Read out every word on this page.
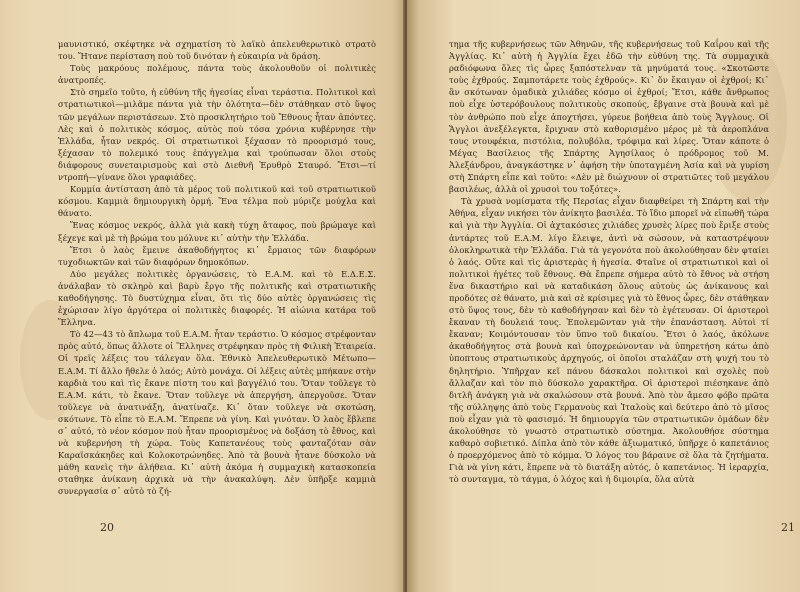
μαυνιστικό, σκέφτηκε νὰ σχηματίση τὸ λαϊκὸ ἀπελευθερωτικὸ στρατὸ του. Ἤτανε περίσταση ποὺ τοῦ δινόταν ἡ εὐκαιρία νὰ δράση.

Τοὺς μακρόους πολέμους, πάντα τοὺς ἀκολουθοῦν οἱ πολιτικὲς ἀνατροπές.

Στὸ σημεῖο τοῦτο, ἡ εὐθύνη τῆς ἡγεσίας εἶναι τεράστια. Πολιτικοὶ καὶ στρατιωτικοὶ—μιλᾶμε πάντα γιὰ τὴν ὁλότητα—δὲν στάθηκαν στὸ ὕψος τῶν μεγάλων περιστάσεων. Στὸ προσκλητήριο τοῦ Ἔθνους ἦταν ἀπόντες. Λὲς καὶ ὁ πολιτικὸς κόσμος, αὐτὸς ποὺ τόσα χρόνια κυβέρνησε τὴν Ἑλλάδα, ἦταν νεκρός. Οἱ στρατιωτικοὶ ξέχασαν τὸ προορισμό τους, ξέχασαν τὸ πολεμικό τους ἐπάγγελμα καὶ τρούπωσαν ὅλοι στοὺς διάφορους συνεταιρισμοὺς καὶ στὸ Διεθνῆ Ἐρυθρὸ Σταυρό. Ἔτσι—τί ντροπή—γίνανε ὅλοι γραφιάδες.

Κομμία ἀντίσταση ἀπὸ τὰ μέρος τοῦ πολιτικοῦ καὶ τοῦ στρατιωτικοῦ κόσμου. Καμμιὰ δημιουργικὴ ὁρμή. Ἕνα τέλμα ποὺ μύριζε μούχλα καὶ θάνατο.

Ἕνας κόσμος νεκρός, ἀλλὰ γιὰ κακὴ τύχη ἄταφος, ποὺ βρώμαγε καὶ ξέχεγε καὶ μὲ τὴ βρώμα του μόλυνε κι᾽ αὐτὴν τὴν Ἑλλάδα.

Ἔτσι ὁ λαὸς ἔμεινε ἀκαθοδήγητος κι᾽ ἔρμαιος τῶν διαφόρων τυχοδιωκτῶν καὶ τῶν διαφόρων δημοκόπων.

Δύο μεγάλες πολιτικὲς ὀργανώσεις, τὸ Ε.Α.Μ. καὶ τὸ Ε.Δ.Ε.Σ. ἀνάλαβαν τὸ σκληρὸ καὶ βαρὺ ἔργο τῆς πολιτικῆς καὶ στρατιωτικῆς καθοδήγησης. Τὸ δυστύχημα εἶναι, ὅτι τὶς δύο αὐτὲς ὀργανώσεις τὶς ἐχώρισαν λίγο ἀργότερα οἱ πολιτικὲς διαφορές. Ἡ αἰώνια κατάρα τοῦ Ἕλληνα.

Τὸ 42—43 τὸ ἄπλωμα τοῦ Ε.Α.Μ. ἦταν τεράστιο. Ὁ κόσμος στρέφονταν πρὸς αὐτό, ὅπως ἄλλοτε οἱ Ἕλληνες στρέφηκαν πρὸς τὴ Φιλικὴ Ἑταιρεία. Οἱ τρεῖς λέξεις του τάλεγαν ὅλα. Ἐθνικὸ Ἀπελευθερωτικὸ Μέτωπο—Ε.Α.Μ. Τί ἄλλο ἤθελε ὁ λαός; Αὐτὸ μονάχα. Οἱ λέξεις αὐτὲς μπήκανε στὴν καρδιὰ του καὶ τὶς ἔκανε πίστη του καὶ βαγγέλιό του. Ὅταν τοῦλεγε τὸ Ε.Α.Μ. κάτι, τὸ ἔκανε. Ὅταν τοῦλεγε νὰ ἀπεργήση, ἀπεργοῦσε. Ὅταν τοῦλεγε νὰ ἀνατινάξη, ἀνατίναζε. Κι᾽ ὅταν τοῦλεγε νὰ σκοτώση, σκότωνε. Τὸ εἶπε τὸ Ε.Α.Μ. Ἔπρεπε νὰ γίνη. Καὶ γινόταν. Ὁ λαὸς ἔβλεπε σ᾽ αὐτό, τὸ νέον κόσμον ποὺ ἦταν προορισμένος νὰ δοξάση τὸ ἔθνος, καὶ νὰ κυβερνήση τὴ χώρα. Τοὺς Καπετανέους τοὺς φανταζόταν σὰν Καραϊσκάκηδες καὶ Κολοκοτρώνηδες. Ἀπὸ τὰ βουνὰ ἦτανε δύσκολο νὰ μάθη κανεὶς τὴν ἀλήθεια. Κι᾽ αὐτὴ ἀκόμα ἡ συμμαχικὴ κατασκοπεία σταθηκε ἀνίκανη ἀρχικὰ νὰ τὴν ἀνακαλύψη. Δὲν ὑπῆρξε καμμιὰ συνεργασία σ᾽ αὐτὸ τὸ ζή-

20

τημα τῆς κυβερνήσεως τῶν Ἀθηνῶν, τῆς κυβερνήσεως τοῦ Καΐρου καὶ τῆς Ἀγγλίας. Κι᾽ αὐτὴ ἡ Ἀγγλία ἔχει ἐδῶ τὴν εὐθύνη της. Τὰ συμμαχικὰ ραδιόφωνα ὅλες τὶς ὧρες ξαπόστελναν τὰ μηνύματά τους. «Σκοτῶστε τοὺς ἐχθρούς. Σαμποτάρετε τοὺς ἐχθρούς». Κι᾽ ὅν ἔκαιγαν οἱ ἐχθροί; Κι᾽ ἂν σκότωναν ὁμαδικὰ χιλιάδες κόσμο οἱ ἐχθροί; Ἔτσι, κάθε ἄνθρωπος ποὺ εἶχε ὑστερόβουλους πολιτικοὺς σκοπούς, ἔβγαινε στὰ βουνὰ καὶ μὲ τὸν ἀνθρώπο ποὺ εἶχε ἀποχτήσει, γύρευε βοήθεια ἀπὸ τοὺς Ἄγγλους. Οἱ Ἄγγλοι ἀνεξέλεγκτα, ἔριχναν στὸ καθορισμένο μέρος μὲ τὰ ἀεροπλάνα τους ντουφέκια, πιστόλια, πολυβόλα, τρόφιμα καὶ λίρες. Ὅταν κάποτε ὁ Μέγας Βασίλειος τῆς Σπάρτης Ἀγησίλαος ὁ πρόδρομος τοῦ Μ. Ἀλεξάνδρου, ἀναγκάστηκε ν᾽ ἀφήση τὴν ὑποταγμένη Ἀσία καὶ νὰ γυρίση στὴ Σπάρτη εἶπε καὶ τοῦτο: «Δὲν μὲ διώχνουν οἱ στρατιῶτες τοῦ μεγάλου βασιλέως, ἀλλὰ οἱ χρυσοὶ του τοξότες».

Τὰ χρυσὰ νομίσματα τῆς Περσίας εἶχαν διαφθείρει τὴ Σπάρτη καὶ τὴν Ἀθήνα, εἶχαν νικήσει τὸν ἀνίκητο βασιλέα. Τὸ ἴδιο μπορεῖ νὰ εἰπωθῆ τώρα καὶ γιὰ τὴν Ἀγγλία. Οἱ ἀχτακόσιες χιλιάδες χρυσὲς λίρες ποὺ ἔριξε στοὺς ἀντάρτες τοῦ Ε.Α.Μ. λίγο ἔλειψε, ἀντὶ νὰ σώσουν, νὰ καταστρέψουν ὁλοκληρωτικὰ τὴν Ἑλλάδα. Γιὰ τὰ γεγονότα ποὺ ἀκολούθησαν δὲν φταίει ὁ λαός. Οὔτε καὶ τὶς ἀριστερὰς ἡ ἡγεσία. Φταῖνε οἱ στρατιωτικοὶ καὶ οἱ πολιτικοὶ ἡγέτες τοῦ ἔθνους. Θὰ ἔπρεπε σήμερα αὐτὸ τὸ ἔθνος νὰ στήση ἕνα δικαστήριο καὶ νὰ καταδικάση ὅλους αὐτοὺς ὡς ἀνίκανους καὶ προδότες σὲ θάνατο, μιὰ καὶ σὲ κρίσιμες γιὰ τὸ ἔθνος ὧρες, δὲν στάθηκαν στὸ ὕψος τους, δὲν τὸ καθοδήγησαν καὶ δὲν τὸ ἐγέτευσαν. Οἱ ἀριστεροὶ ἔκαναν τὴ δουλειά τους. Ἐπολεμῶνταν γιὰ τὴν ἐπανάσταση. Αὐτοὶ τί ἔκαναν; Κοιμόντουσαν τὸν ὕπνο τοῦ δικαίου. Ἔτσι ὁ λαός, ἀκόλωνε ἀκαθοδήγητος στὰ βουνὰ καὶ ὑποχρεώνονταν νὰ ὑπηρετήση κάτω ἀπὸ ὑποπτους στρατιωτικοὺς ἀρχηγούς, οἱ ὁποῖοι σταλάζαν στὴ ψυχή του τὸ δηλητήριο. Ὑπῆρχαν κεῖ πάνου δάσκαλοι πολιτικοὶ καὶ σχολὲς ποὺ ἄλλαζαν καὶ τὸν πιὸ δύσκολο χαρακτῆρα. Οἱ ἀριστεροὶ πιέσηκανε ἀπὸ διτλῆ ἀνάγκη γιὰ νὰ σκαλώσουν στὰ βουνά. Ἀπὸ τὸν ἄμεσο φόβο πρῶτα τῆς σύλληψης ἀπὸ τοὺς Γερμανοὺς καὶ Ἰταλοὺς καὶ δεύτερο ἀπὸ τὸ μῖσος ποὺ εἶχαν γιὰ τὸ φασισμό. Ἡ δημιουργία τῶν στρατιωτικῶν ὁμάδων δὲν ἀκολούθησε τὸ γνωστὸ στρατιωτικὸ σύστημα. Ἀκολουθήσε σύστημα καθαρὸ σοβιετικό. Δίπλα ἀπὸ τὸν κάθε ἀξιωματικό, ὑπῆρχε ὁ καπετάνιος ὁ προερχόμενος ἀπὸ τὸ κόμμα. Ὁ λόγος του βάραινε σὲ ὅλα τὰ ζητήματα. Γιὰ νὰ γίνη κάτι, ἔπρεπε νὰ τὸ διατάξη αὐτός, ὁ καπετάνιος. Ἡ ἱεραρχία, τὸ συνταγμα, τὸ τάγμα, ὁ λόχος καὶ ἡ διμοιρία, ὅλα αὐτὰ

21
